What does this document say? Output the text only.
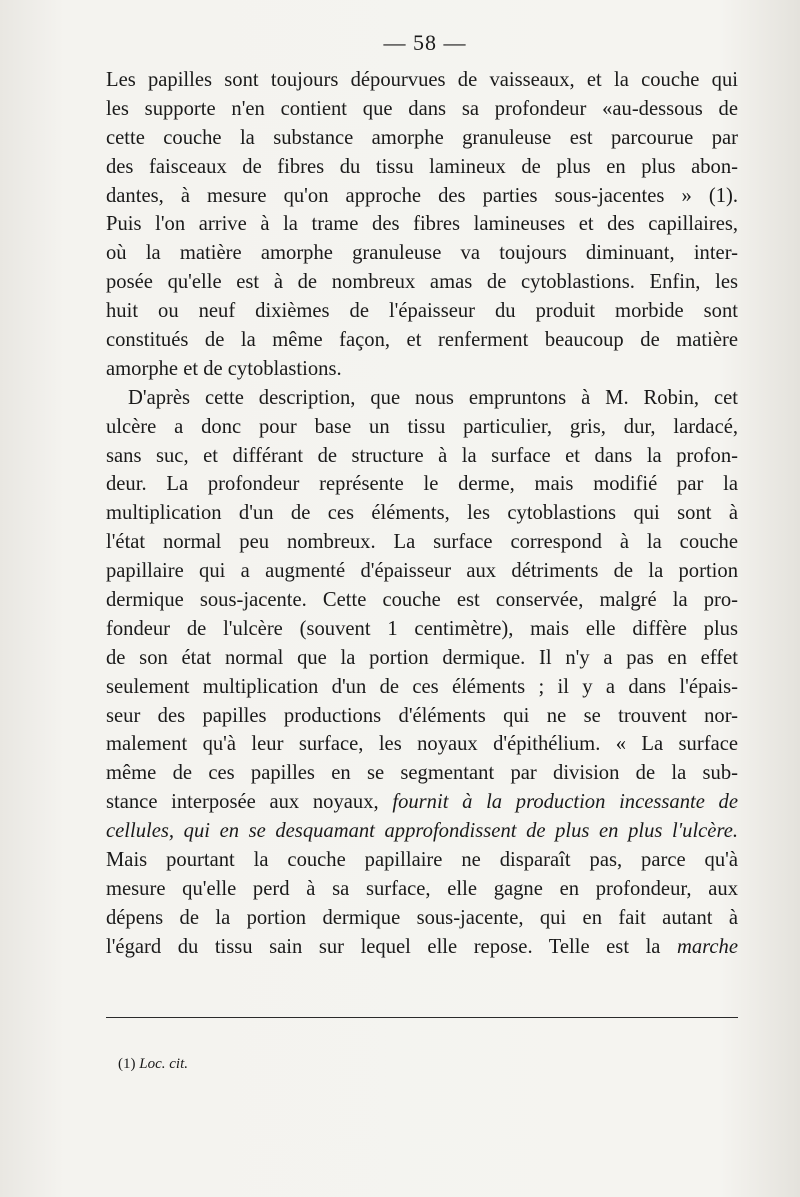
— 58 —
Les papilles sont toujours dépourvues de vaisseaux, et la couche qui
les supporte n'en contient que dans sa profondeur «au-dessous de
cette couche la substance amorphe granuleuse est parcourue par
des faisceaux de fibres du tissu lamineux de plus en plus abon-
dantes, à mesure qu'on approche des parties sous-jacentes » (1).
Puis l'on arrive à la trame des fibres lamineuses et des capillaires,
où la matière amorphe granuleuse va toujours diminuant, inter-
posée qu'elle est à de nombreux amas de cytoblastions. Enfin, les
huit ou neuf dixièmes de l'épaisseur du produit morbide sont
constitués de la même façon, et renferment beaucoup de matière
amorphe et de cytoblastions.
D'après cette description, que nous empruntons à M. Robin, cet
ulcère a donc pour base un tissu particulier, gris, dur, lardacé,
sans suc, et différant de structure à la surface et dans la profon-
deur. La profondeur représente le derme, mais modifié par la
multiplication d'un de ces éléments, les cytoblastions qui sont à
l'état normal peu nombreux. La surface correspond à la couche
papillaire qui a augmenté d'épaisseur aux détriments de la portion
dermique sous-jacente. Cette couche est conservée, malgré la pro-
fondeur de l'ulcère (souvent 1 centimètre), mais elle diffère plus
de son état normal que la portion dermique. Il n'y a pas en effet
seulement multiplication d'un de ces éléments ; il y a dans l'épais-
seur des papilles productions d'éléments qui ne se trouvent nor-
malement qu'à leur surface, les noyaux d'épithélium. « La surface
même de ces papilles en se segmentant par division de la sub-
stance interposée aux noyaux, fournit à la production incessante de
cellules, qui en se desquamant approfondissent de plus en plus l'ulcère.
Mais pourtant la couche papillaire ne disparaît pas, parce qu'à
mesure qu'elle perd à sa surface, elle gagne en profondeur, aux
dépens de la portion dermique sous-jacente, qui en fait autant à
l'égard du tissu sain sur lequel elle repose. Telle est la marche
(1) Loc. cit.
